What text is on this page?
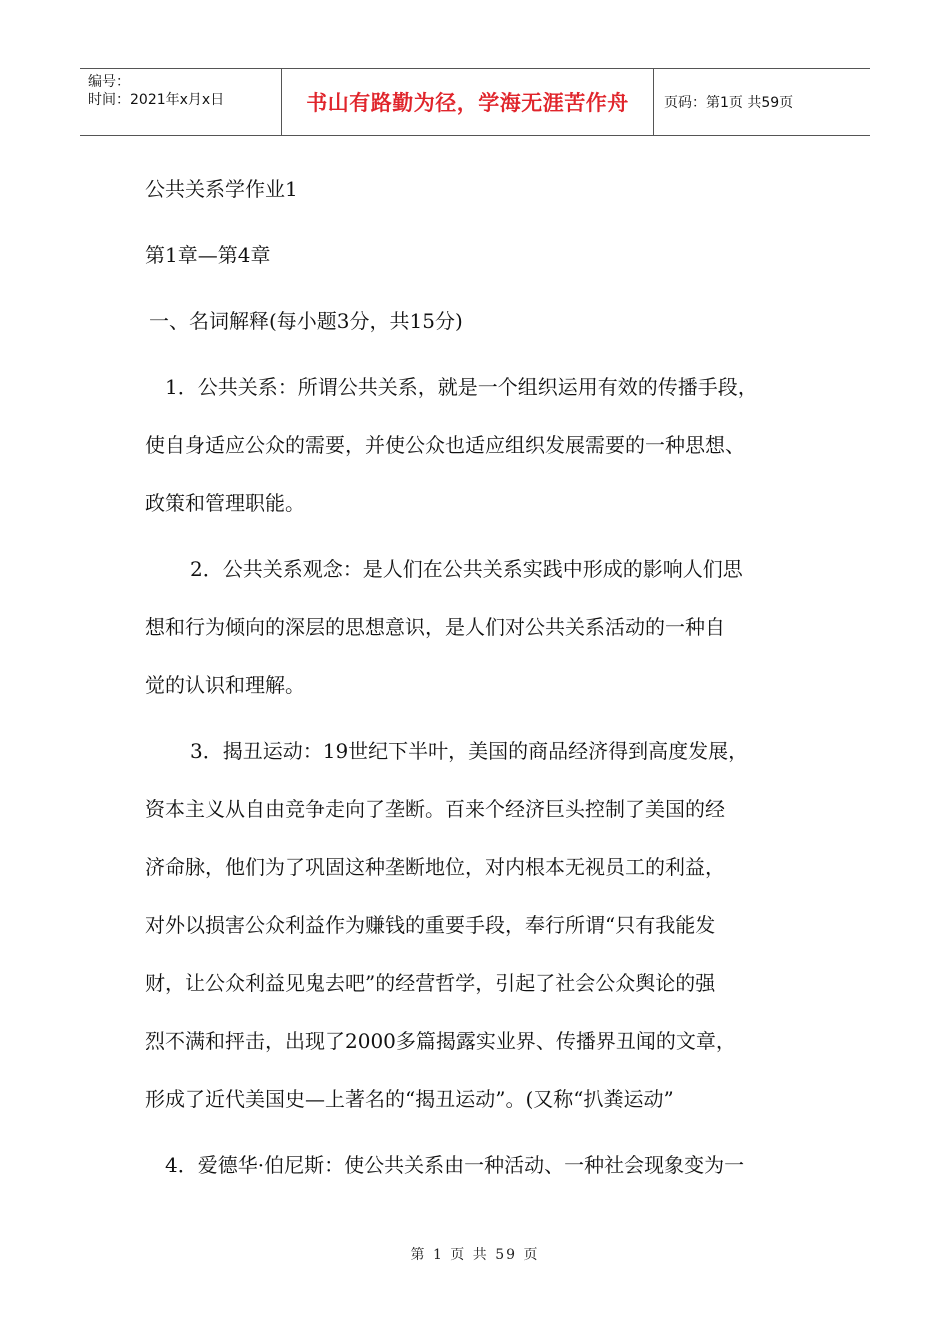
编号：
时间：2021年x月x日	书山有路勤为径，学海无涯苦作舟	页码：第1页 共59页

公共关系学作业1

第1章—第4章

一、名词解释(每小题3分，共15分)

1．公共关系：所谓公共关系，就是一个组织运用有效的传播手段，

使自身适应公众的需要，并使公众也适应组织发展需要的一种思想、

政策和管理职能。

2．公共关系观念：是人们在公共关系实践中形成的影响人们思

想和行为倾向的深层的思想意识，是人们对公共关系活动的一种自

觉的认识和理解。

3．揭丑运动：19世纪下半叶，美国的商品经济得到高度发展，

资本主义从自由竞争走向了垄断。百来个经济巨头控制了美国的经

济命脉，他们为了巩固这种垄断地位，对内根本无视员工的利益，

对外以损害公众利益作为赚钱的重要手段，奉行所谓“只有我能发

财，让公众利益见鬼去吧”的经营哲学，引起了社会公众舆论的强

烈不满和抨击，出现了2000多篇揭露实业界、传播界丑闻的文章，

形成了近代美国史—上著名的“揭丑运动”。(又称“扒粪运动”

4．爱德华·伯尼斯：使公共关系由一种活动、一种社会现象变为一

第 1 页 共 59 页
